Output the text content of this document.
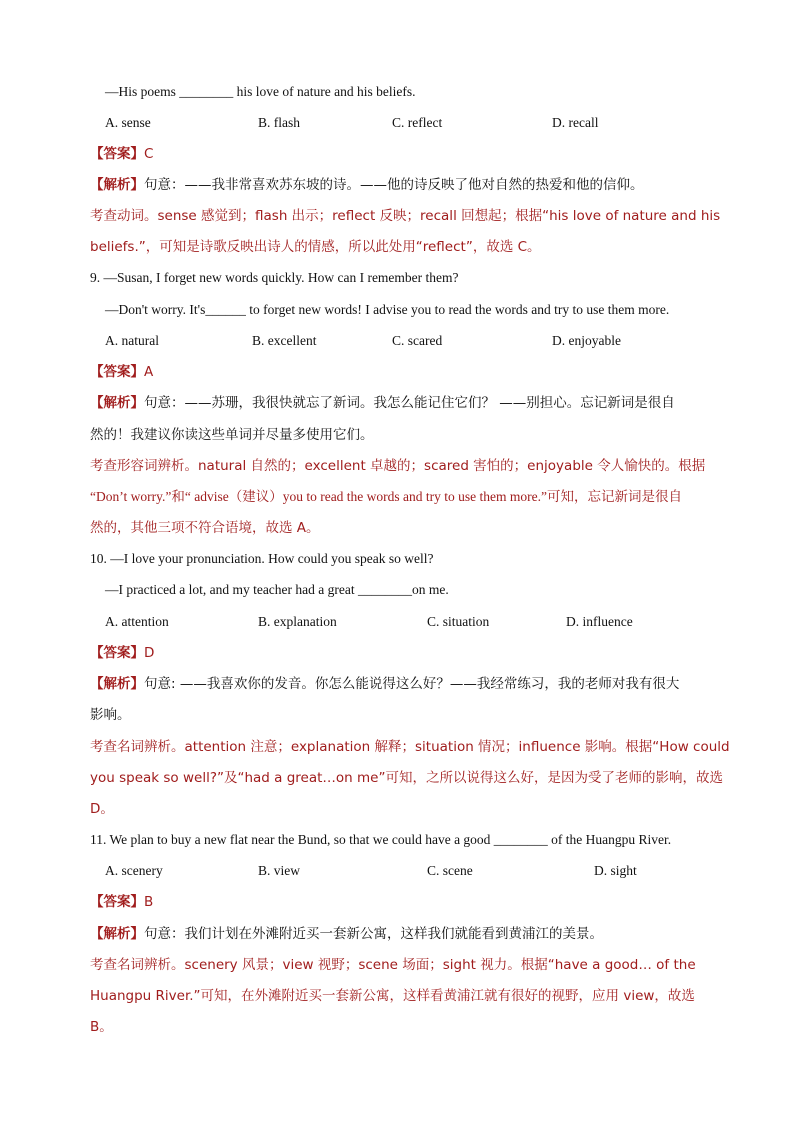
—His poems ________ his love of nature and his beliefs.
A. sense	B. flash	C. reflect	D. recall
【答案】C
【解析】句意：——我非常喜欢苏东坡的诗。——他的诗反映了他对自然的热爱和他的信仰。
考查动词。sense 感觉到；flash 出示；reflect 反映；recall 回想起；根据“his love of nature and his
beliefs.”，可知是诗歌反映出诗人的情感，所以此处用“reflect”，故选 C。
9. —Susan, I forget new words quickly. How can I remember them?
—Don't worry. It's______ to forget new words! I advise you to read the words and try to use them more.
A. natural	B. excellent	C. scared	D. enjoyable
【答案】A
【解析】句意：——苏珊，我很快就忘了新词。我怎么能记住它们？ ——别担心。忘记新词是很自
然的！我建议你读这些单词并尽量多使用它们。
考查形容词辨析。natural 自然的；excellent 卓越的；scared 害怕的；enjoyable 令人愉快的。根据
“Don’t worry.”和“ advise（建议）you to read the words and try to use them more.”可知，忘记新词是很自
然的，其他三项不符合语境，故选 A。
10. —I love your pronunciation. How could you speak so well?
—I practiced a lot, and my teacher had a great ________on me.
A. attention	B. explanation	C. situation	D. influence
【答案】D
【解析】句意: ——我喜欢你的发音。你怎么能说得这么好？——我经常练习，我的老师对我有很大
影响。
考查名词辨析。attention 注意；explanation 解释；situation 情况；influence 影响。根据“How could
you speak so well?”及“had a great…on me”可知，之所以说得这么好，是因为受了老师的影响，故选
D。
11. We plan to buy a new flat near the Bund, so that we could have a good ________ of the Huangpu River.
A. scenery	B. view	C. scene	D. sight
【答案】B
【解析】句意：我们计划在外滩附近买一套新公寓，这样我们就能看到黄浦江的美景。
考查名词辨析。scenery 风景；view 视野；scene 场面；sight 视力。根据“have a good… of the
Huangpu River.”可知，在外滩附近买一套新公寓，这样看黄浦江就有很好的视野，应用 view，故选
B。
